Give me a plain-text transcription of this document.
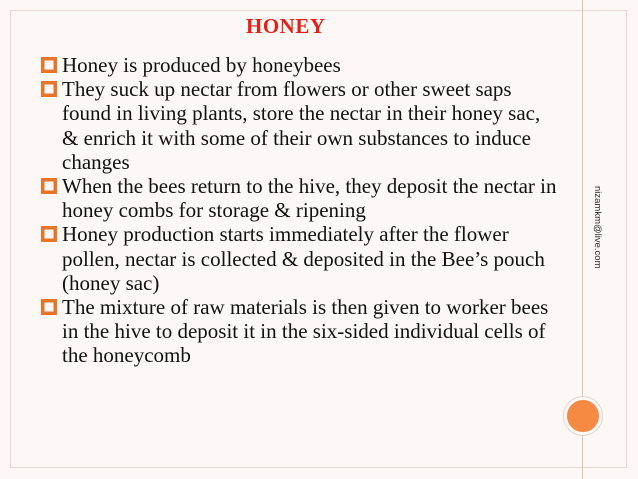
nizamkm@live.com
HONEY
Honey is produced by honeybees
They suck up nectar from flowers or other sweet saps found in living plants, store the nectar in their honey sac, & enrich it with some of their own substances to induce changes
When the bees return to the hive, they deposit the nectar in honey combs for storage & ripening
Honey production starts immediately after the flower pollen, nectar is collected & deposited in the Bee’s pouch (honey sac)
The mixture of raw materials is then given to worker bees in the hive to deposit it in the six-sided individual cells of the honeycomb
